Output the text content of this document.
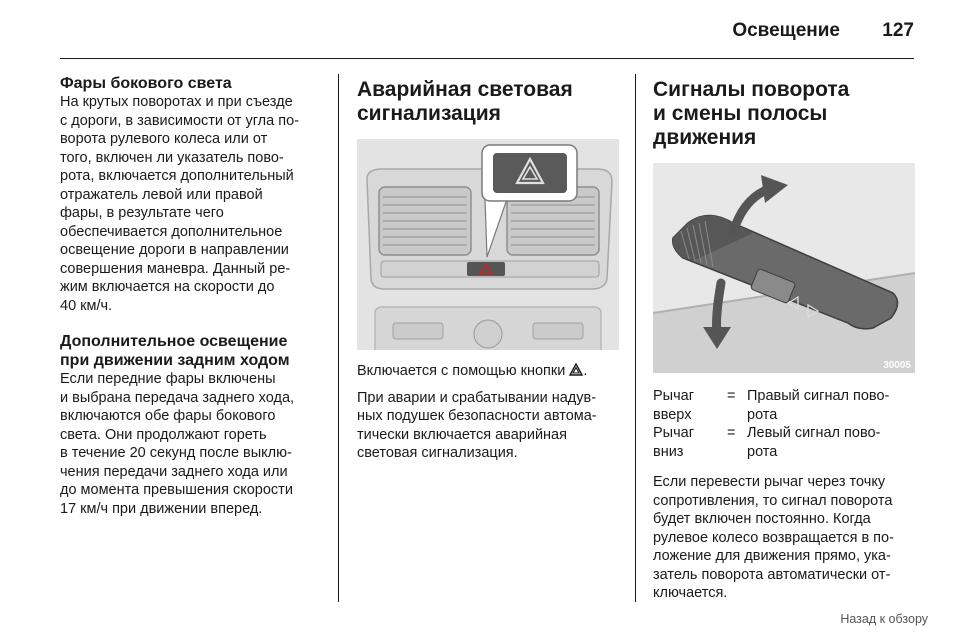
Освещение 127
Фары бокового света

На крутых поворотах и при съезде
с дороги, в зависимости от угла по-
ворота рулевого колеса или от
того, включен ли указатель пово-
рота, включается дополнительный
отражатель левой или правой
фары, в результате чего
обеспечивается дополнительное
освещение дороги в направлении
совершения маневра. Данный ре-
жим включается на скорости до
40 км/ч.

Дополнительное освещение
при движении задним ходом

Если передние фары включены
и выбрана передача заднего хода,
включаются обе фары бокового
света. Они продолжают гореть
в течение 20 секунд после выклю-
чения передачи заднего хода или
до момента превышения скорости
17 км/ч при движении вперед.

Аварийная световая
сигнализация

Включается с помощью кнопки .

При аварии и срабатывании надув-
ных подушек безопасности автома-
тически включается аварийная
световая сигнализация.

Сигналы поворота
и смены полосы
движения
30005
Рычаг
вверх
= Правый сигнал пово-
рота
Рычаг
вниз
= Левый сигнал пово-
рота

Если перевести рычаг через точку
сопротивления, то сигнал поворота
будет включен постоянно. Когда
рулевое колесо возвращается в по-
ложение для движения прямо, ука-
затель поворота автоматически от-
ключается.

Назад к обзору
